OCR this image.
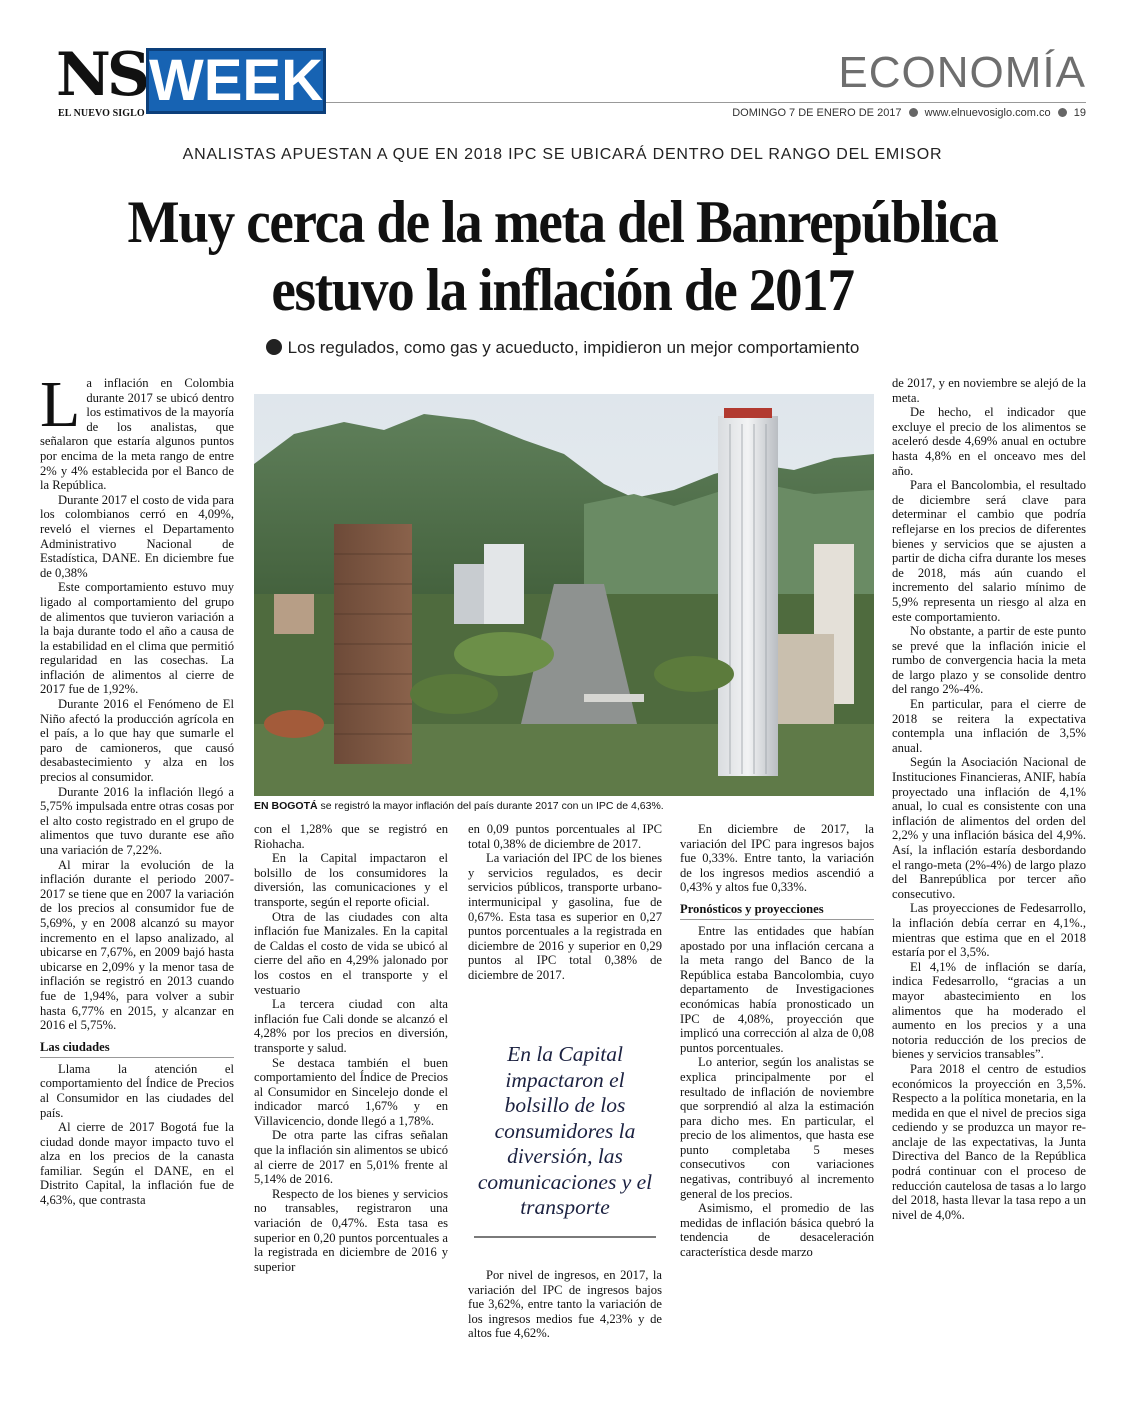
NS
EL NUEVO SIGLO
WEEK	ECONOMÍA
DOMINGO 7 DE ENERO DE 2017 www.elnuevosiglo.com.co 19
ANALISTAS APUESTAN A QUE EN 2018 IPC SE UBICARÁ DENTRO DEL RANGO DEL EMISOR
Muy cerca de la meta del Banrepública
estuvo la inflación de 2017
Los regulados, como gas y acueducto, impidieron un mejor comportamiento

La inflación en Colombia durante 2017 se ubicó dentro los estimativos de la mayoría de los analistas, que señalaron que estaría algunos puntos por encima de la meta rango de entre 2% y 4% establecida por el Banco de la República.

Durante 2017 el costo de vida para los colombianos cerró en 4,09%, reveló el viernes el Departamento Administrativo Nacional de Estadística, DANE. En diciembre fue de 0,38%

Este comportamiento estuvo muy ligado al comportamiento del grupo de alimentos que tuvieron variación a la baja durante todo el año a causa de la estabilidad en el clima que permitió regularidad en las cosechas. La inflación de alimentos al cierre de 2017 fue de 1,92%.

Durante 2016 el Fenómeno de El Niño afectó la producción agrícola en el país, a lo que hay que sumarle el paro de camioneros, que causó desabastecimiento y alza en los precios al consumidor.

Durante 2016 la inflación llegó a 5,75% impulsada entre otras cosas por el alto costo registrado en el grupo de alimentos que tuvo durante ese año una variación de 7,22%.

Al mirar la evolución de la inflación durante el periodo 2007-2017 se tiene que en 2007 la variación de los precios al consumidor fue de 5,69%, y en 2008 alcanzó su mayor incremento en el lapso analizado, al ubicarse en 7,67%, en 2009 bajó hasta ubicarse en 2,09% y la menor tasa de inflación se registró en 2013 cuando fue de 1,94%, para volver a subir hasta 6,77% en 2015, y alcanzar en 2016 el 5,75%.

Las ciudades

Llama la atención el comportamiento del Índice de Precios al Consumidor en las ciudades del país.

Al cierre de 2017 Bogotá fue la ciudad donde mayor impacto tuvo el alza en los precios de la canasta familiar. Según el DANE, en el Distrito Capital, la inflación fue de 4,63%, que contrasta

EN BOGOTÁ se registró la mayor inflación del país durante 2017 con un IPC de 4,63%.

con el 1,28% que se registró en Riohacha.

En la Capital impactaron el bolsillo de los consumidores la diversión, las comunicaciones y el transporte, según el reporte oficial.

Otra de las ciudades con alta inflación fue Manizales. En la capital de Caldas el costo de vida se ubicó al cierre del año en 4,29% jalonado por los costos en el transporte y el vestuario

La tercera ciudad con alta inflación fue Cali donde se alcanzó el 4,28% por los precios en diversión, transporte y salud.

Se destaca también el buen comportamiento del Índice de Precios al Consumidor en Sincelejo donde el indicador marcó 1,67% y en Villavicencio, donde llegó a 1,78%.

De otra parte las cifras señalan que la inflación sin alimentos se ubicó al cierre de 2017 en 5,01% frente al 5,14% de 2016.

Respecto de los bienes y servicios no transables, registraron una variación de 0,47%. Esta tasa es superior en 0,20 puntos porcentuales a la registrada en diciembre de 2016 y superior

en 0,09 puntos porcentuales al IPC total 0,38% de diciembre de 2017.

La variación del IPC de los bienes y servicios regulados, es decir servicios públicos, transporte urbano-intermunicipal y gasolina, fue de 0,67%. Esta tasa es superior en 0,27 puntos porcentuales a la registrada en diciembre de 2016 y superior en 0,29 puntos al IPC total 0,38% de diciembre de 2017.

En la Capital impactaron el bolsillo de los consumidores la diversión, las comunicaciones y el transporte

Por nivel de ingresos, en 2017, la variación del IPC de ingresos bajos fue 3,62%, entre tanto la variación de los ingresos medios fue 4,23% y de altos fue 4,62%.

En diciembre de 2017, la variación del IPC para ingresos bajos fue 0,33%. Entre tanto, la variación de los ingresos medios ascendió a 0,43% y altos fue 0,33%.

Pronósticos y proyecciones

Entre las entidades que habían apostado por una inflación cercana a la meta rango del Banco de la República estaba Bancolombia, cuyo departamento de Investigaciones económicas había pronosticado un IPC de 4,08%, proyección que implicó una corrección al alza de 0,08 puntos porcentuales.

Lo anterior, según los analistas se explica principalmente por el resultado de inflación de noviembre que sorprendió al alza la estimación para dicho mes. En particular, el precio de los alimentos, que hasta ese punto completaba 5 meses consecutivos con variaciones negativas, contribuyó al incremento general de los precios.

Asimismo, el promedio de las medidas de inflación básica quebró la tendencia de desaceleración característica desde marzo

de 2017, y en noviembre se alejó de la meta.

De hecho, el indicador que excluye el precio de los alimentos se aceleró desde 4,69% anual en octubre hasta 4,8% en el onceavo mes del año.

Para el Bancolombia, el resultado de diciembre será clave para determinar el cambio que podría reflejarse en los precios de diferentes bienes y servicios que se ajusten a partir de dicha cifra durante los meses de 2018, más aún cuando el incremento del salario mínimo de 5,9% representa un riesgo al alza en este comportamiento.

No obstante, a partir de este punto se prevé que la inflación inicie el rumbo de convergencia hacia la meta de largo plazo y se consolide dentro del rango 2%-4%.

En particular, para el cierre de 2018 se reitera la expectativa contempla una inflación de 3,5% anual.

Según la Asociación Nacional de Instituciones Financieras, ANIF, había proyectado una inflación de 4,1% anual, lo cual es consistente con una inflación de alimentos del orden del 2,2% y una inflación básica del 4,9%. Así, la inflación estaría desbordando el rango-meta (2%-4%) de largo plazo del Banrepública por tercer año consecutivo.

Las proyecciones de Fedesarrollo, la inflación debía cerrar en 4,1%., mientras que estima que en el 2018 estaría por el 3,5%.

El 4,1% de inflación se daría, indica Fedesarrollo, “gracias a un mayor abastecimiento en los alimentos que ha moderado el aumento en los precios y a una notoria reducción de los precios de bienes y servicios transables”.

Para 2018 el centro de estudios económicos la proyección en 3,5%. Respecto a la política monetaria, en la medida en que el nivel de precios siga cediendo y se produzca un mayor re-anclaje de las expectativas, la Junta Directiva del Banco de la República podrá continuar con el proceso de reducción cautelosa de tasas a lo largo del 2018, hasta llevar la tasa repo a un nivel de 4,0%.
